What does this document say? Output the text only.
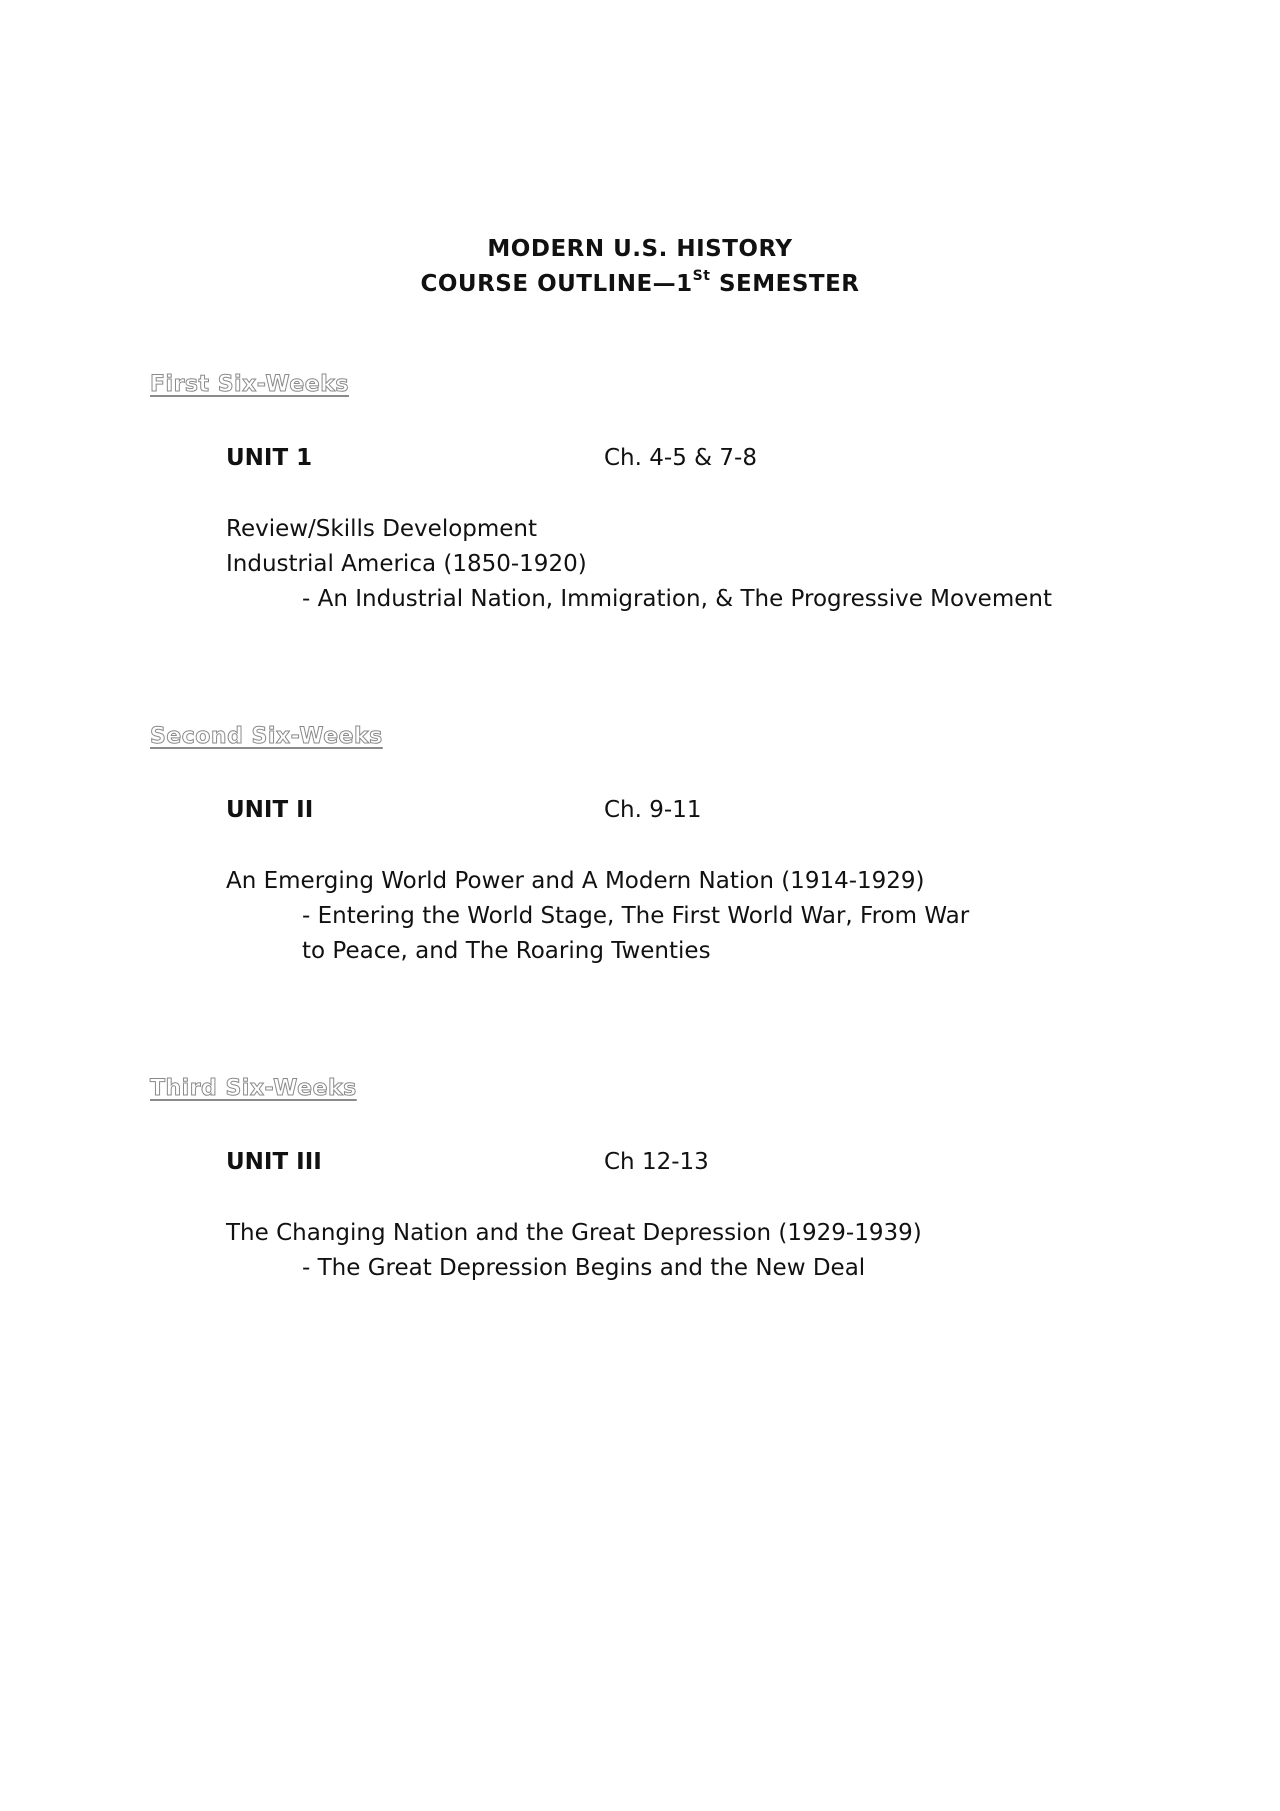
MODERN U.S. HISTORY
COURSE OUTLINE—1St SEMESTER
First Six-Weeks
UNIT 1	Ch. 4-5 & 7-8
Review/Skills Development
Industrial America (1850-1920)
- An Industrial Nation, Immigration, & The Progressive Movement
Second Six-Weeks
UNIT II	Ch. 9-11
An Emerging World Power and A Modern Nation (1914-1929)
- Entering the World Stage, The First World War, From War
to Peace, and The Roaring Twenties
Third Six-Weeks
UNIT III	Ch 12-13
The Changing Nation and the Great Depression (1929-1939)
- The Great Depression Begins and the New Deal
